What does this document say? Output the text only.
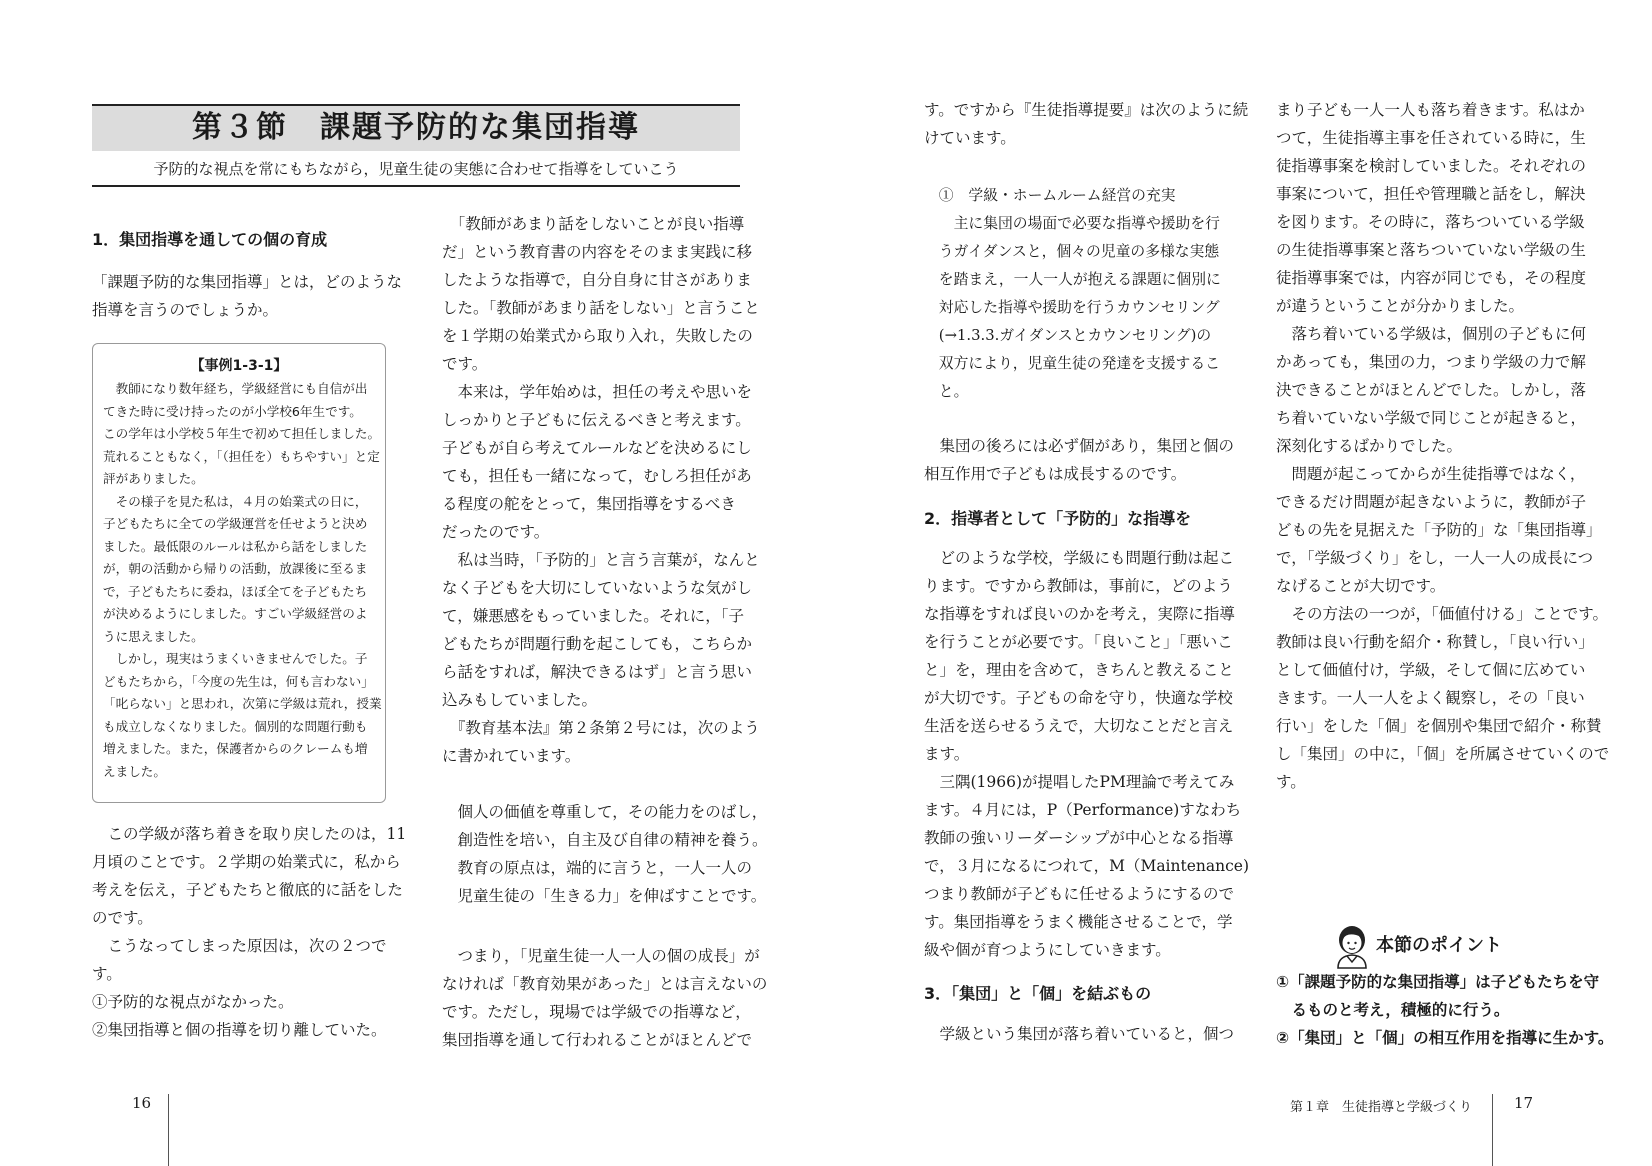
第３節　課題予防的な集団指導
予防的な視点を常にもちながら，児童生徒の実態に合わせて指導をしていこう
1．集団指導を通しての個の育成

「課題予防的な集団指導」とは，どのような

指導を言うのでしょうか。

【事例1-3-1】

　教師になり数年経ち，学級経営にも自信が出

てきた時に受け持ったのが小学校6年生です。

この学年は小学校５年生で初めて担任しました。

荒れることもなく，「（担任を）もちやすい」と定

評がありました。

　その様子を見た私は，４月の始業式の日に，

子どもたちに全ての学級運営を任せようと決め

ました。最低限のルールは私から話をしました

が，朝の活動から帰りの活動，放課後に至るま

で，子どもたちに委ね，ほぼ全てを子どもたち

が決めるようにしました。すごい学級経営のよ

うに思えました。

　しかし，現実はうまくいきませんでした。子

どもたちから，「今度の先生は，何も言わない」

「叱らない」と思われ，次第に学級は荒れ，授業

も成立しなくなりました。個別的な問題行動も

増えました。また，保護者からのクレームも増

えました。

　この学級が落ち着きを取り戻したのは，11

月頃のことです。２学期の始業式に，私から

考えを伝え，子どもたちと徹底的に話をした

のです。

　こうなってしまった原因は，次の２つで

す。

①予防的な視点がなかった。

②集団指導と個の指導を切り離していた。

　「教師があまり話をしないことが良い指導

だ」という教育書の内容をそのまま実践に移

したような指導で，自分自身に甘さがありま

した。「教師があまり話をしない」と言うこと

を１学期の始業式から取り入れ，失敗したの

です。

　本来は，学年始めは，担任の考えや思いを

しっかりと子どもに伝えるべきと考えます。

子どもが自ら考えてルールなどを決めるにし

ても，担任も一緒になって，むしろ担任があ

る程度の舵をとって，集団指導をするべき

だったのです。

　私は当時，「予防的」と言う言葉が，なんと

なく子どもを大切にしていないような気がし

て，嫌悪感をもっていました。それに，「子

どもたちが問題行動を起こしても，こちらか

ら話をすれば，解決できるはず」と言う思い

込みもしていました。

　『教育基本法』第２条第２号には，次のよう

に書かれています。

　個人の価値を尊重して，その能力をのばし，

　創造性を培い，自主及び自律の精神を養う。

　教育の原点は，端的に言うと，一人一人の

　児童生徒の「生きる力」を伸ばすことです。

　つまり，「児童生徒一人一人の個の成長」が

なければ「教育効果があった」とは言えないの

です。ただし，現場では学級での指導など，

集団指導を通して行われることがほとんどで

16

す。ですから『生徒指導提要』は次のように続

けています。

　①　学級・ホームルーム経営の充実

　　主に集団の場面で必要な指導や援助を行

　うガイダンスと，個々の児童の多様な実態

　を踏まえ，一人一人が抱える課題に個別に

　対応した指導や援助を行うカウンセリング

　(→1.3.3.ガイダンスとカウンセリング)の

　双方により，児童生徒の発達を支援するこ

　と。

　集団の後ろには必ず個があり，集団と個の

相互作用で子どもは成長するのです。

2．指導者として「予防的」な指導を

　どのような学校，学級にも問題行動は起こ

ります。ですから教師は，事前に，どのよう

な指導をすれば良いのかを考え，実際に指導

を行うことが必要です。「良いこと」「悪いこ

と」を，理由を含めて，きちんと教えること

が大切です。子どもの命を守り，快適な学校

生活を送らせるうえで，大切なことだと言え

ます。

　三隅(1966)が提唱したPM理論で考えてみ

ます。４月には，P（Performance)すなわち

教師の強いリーダーシップが中心となる指導

で，３月になるにつれて，M（Maintenance)

つまり教師が子どもに任せるようにするので

す。集団指導をうまく機能させることで，学

級や個が育つようにしていきます。

3．「集団」と「個」を結ぶもの

　学級という集団が落ち着いていると，個つ

まり子ども一人一人も落ち着きます。私はか

つて，生徒指導主事を任されている時に，生

徒指導事案を検討していました。それぞれの

事案について，担任や管理職と話をし，解決

を図ります。その時に，落ちついている学級

の生徒指導事案と落ちついていない学級の生

徒指導事案では，内容が同じでも，その程度

が違うということが分かりました。

　落ち着いている学級は，個別の子どもに何

かあっても，集団の力，つまり学級の力で解

決できることがほとんどでした。しかし，落

ち着いていない学級で同じことが起きると，

深刻化するばかりでした。

　問題が起こってからが生徒指導ではなく，

できるだけ問題が起きないように，教師が子

どもの先を見据えた「予防的」な「集団指導」

で，「学級づくり」をし，一人一人の成長につ

なげることが大切です。

　その方法の一つが，「価値付ける」ことです。

教師は良い行動を紹介・称賛し，「良い行い」

として価値付け，学級，そして個に広めてい

きます。一人一人をよく観察し，その「良い

行い」をした「個」を個別や集団で紹介・称賛

し「集団」の中に，「個」を所属させていくので

す。

本節のポイント

①「課題予防的な集団指導」は子どもたちを守

　るものと考え，積極的に行う。

②「集団」と「個」の相互作用を指導に生かす。

第１章　生徒指導と学級づくり	17
